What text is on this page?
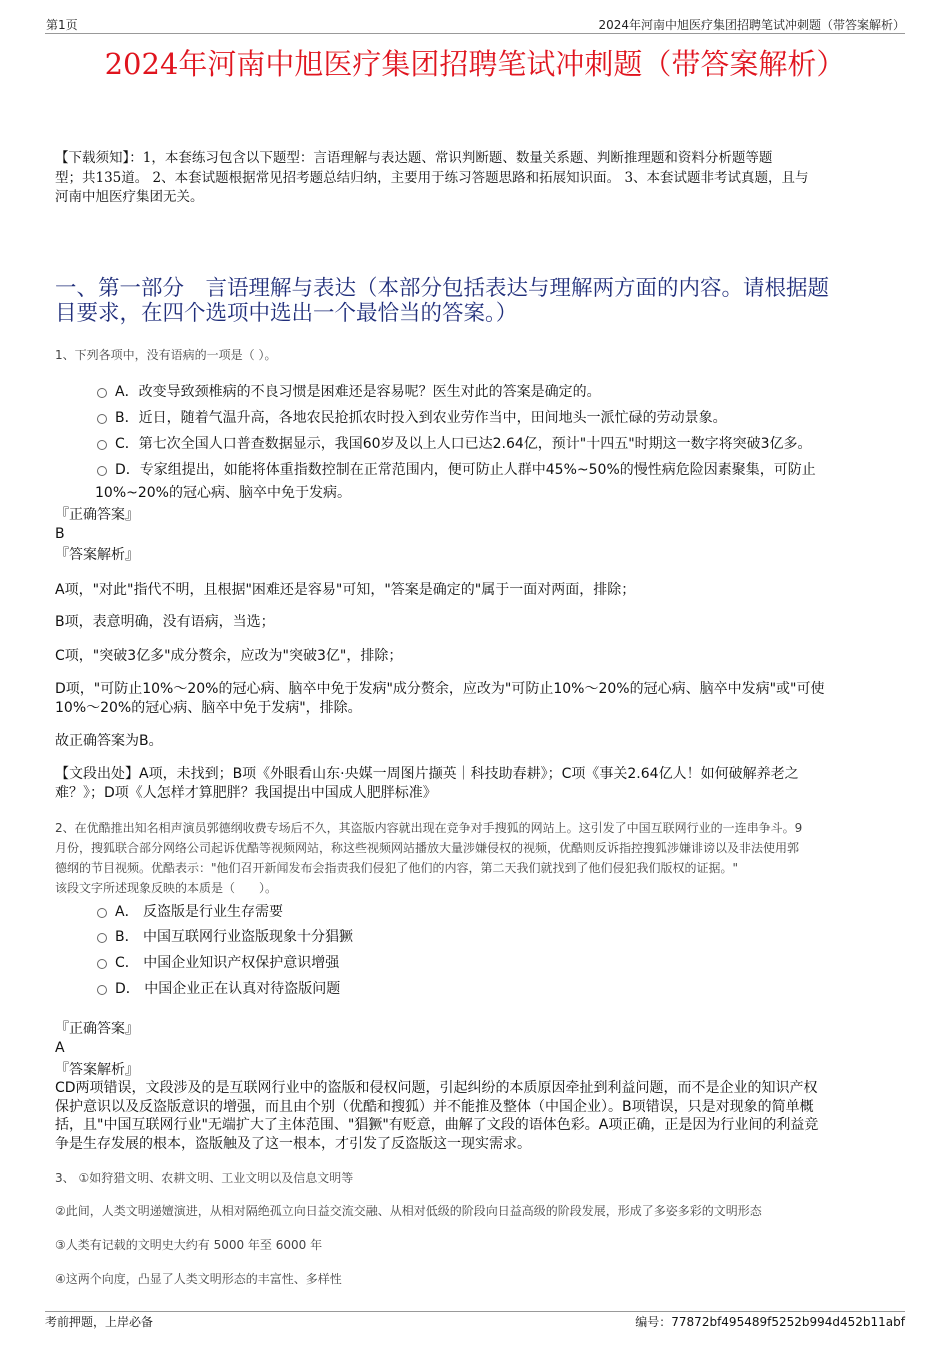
第1页	2024年河南中旭医疗集团招聘笔试冲刺题（带答案解析）
2024年河南中旭医疗集团招聘笔试冲刺题（带答案解析）
【下载须知】：1，本套练习包含以下题型：言语理解与表达题、常识判断题、数量关系题、判断推理题和资料分析题等题
型；共135道。 2、本套试题根据常见招考题总结归纳，主要用于练习答题思路和拓展知识面。 3、本套试题非考试真题，且与
河南中旭医疗集团无关。
一、第一部分　言语理解与表达（本部分包括表达与理解两方面的内容。请根据题
目要求，在四个选项中选出一个最恰当的答案。）
1、下列各项中，没有语病的一项是（ ）。
A．改变导致颈椎病的不良习惯是困难还是容易呢？医生对此的答案是确定的。
B．近日，随着气温升高，各地农民抢抓农时投入到农业劳作当中，田间地头一派忙碌的劳动景象。
C．第七次全国人口普查数据显示，我国60岁及以上人口已达2.64亿，预计"十四五"时期这一数字将突破3亿多。
D．专家组提出，如能将体重指数控制在正常范围内，便可防止人群中45%~50%的慢性病危险因素聚集，可防止
10%~20%的冠心病、脑卒中免于发病。
『正确答案』
B
『答案解析』
A项，"对此"指代不明，且根据"困难还是容易"可知，"答案是确定的"属于一面对两面，排除；
B项，表意明确，没有语病，当选；
C项，"突破3亿多"成分赘余，应改为"突破3亿"，排除；
D项，"可防止10%～20%的冠心病、脑卒中免于发病"成分赘余，应改为"可防止10%～20%的冠心病、脑卒中发病"或"可使
10%～20%的冠心病、脑卒中免于发病"，排除。
故正确答案为B。
【文段出处】A项，未找到；B项《外眼看山东·央媒一周图片撷英｜科技助春耕》；C项《事关2.64亿人！如何破解养老之
难？》；D项《人怎样才算肥胖？我国提出中国成人肥胖标准》
2、在优酷推出知名相声演员郭德纲收费专场后不久，其盗版内容就出现在竞争对手搜狐的网站上。这引发了中国互联网行业的一连串争斗。9
月份，搜狐联合部分网络公司起诉优酷等视频网站，称这些视频网站播放大量涉嫌侵权的视频，优酷则反诉指控搜狐涉嫌诽谤以及非法使用郭
德纲的节目视频。优酷表示："他们召开新闻发布会指责我们侵犯了他们的内容，第二天我们就找到了他们侵犯我们版权的证据。"
该段文字所述现象反映的本质是（　　）。
A． 反盗版是行业生存需要
B． 中国互联网行业盗版现象十分猖獗
C． 中国企业知识产权保护意识增强
D． 中国企业正在认真对待盗版问题
『正确答案』
A
『答案解析』
CD两项错误，文段涉及的是互联网行业中的盗版和侵权问题，引起纠纷的本质原因牵扯到利益问题，而不是企业的知识产权
保护意识以及反盗版意识的增强，而且由个别（优酷和搜狐）并不能推及整体（中国企业）。B项错误，只是对现象的简单概
括，且"中国互联网行业"无端扩大了主体范围、"猖獗"有贬意，曲解了文段的语体色彩。A项正确，正是因为行业间的利益竞
争是生存发展的根本，盗版触及了这一根本，才引发了反盗版这一现实需求。
3、 ①如狩猎文明、农耕文明、工业文明以及信息文明等
②此间，人类文明递嬗演进，从相对隔绝孤立向日益交流交融、从相对低级的阶段向日益高级的阶段发展，形成了多姿多彩的文明形态
③人类有记载的文明史大约有 5000 年至 6000 年
④这两个向度，凸显了人类文明形态的丰富性、多样性
考前押题，上岸必备	编号：77872bf495489f5252b994d452b11abf
